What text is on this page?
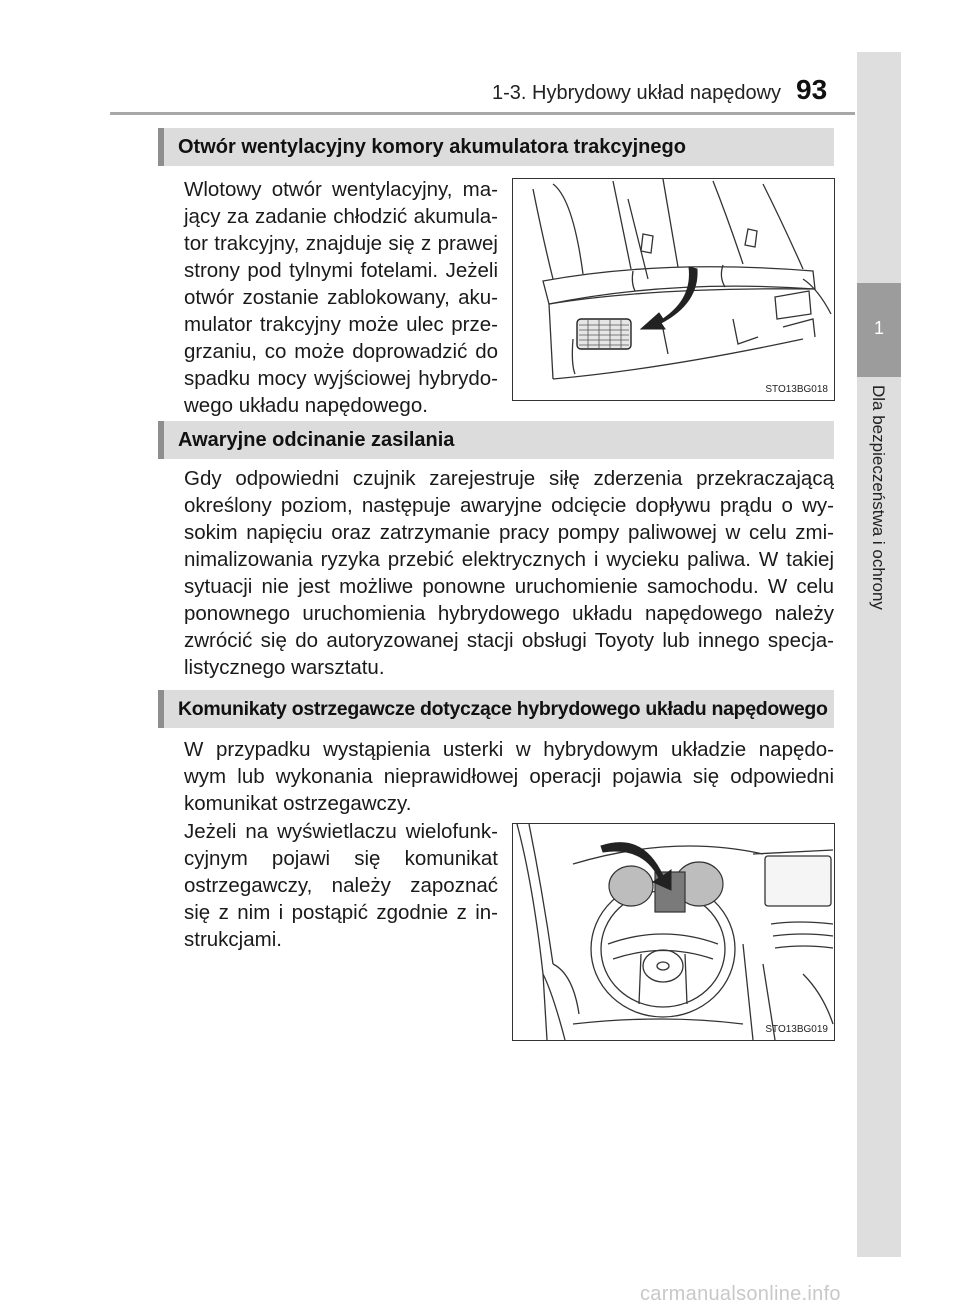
1-3. Hybrydowy układ napędowy 93
1
Dla bezpieczeństwa i ochrony
Otwór wentylacyjny komory akumulatora trakcyjnego
Wlotowy otwór wentylacyjny, ma-
jący za zadanie chłodzić akumula-
tor trakcyjny, znajduje się z prawej
strony pod tylnymi fotelami. Jeżeli
otwór zostanie zablokowany, aku-
mulator trakcyjny może ulec prze-
grzaniu, co może doprowadzić do
spadku mocy wyjściowej hybrydo-
wego układu napędowego.
STO13BG018
Awaryjne odcinanie zasilania
Gdy odpowiedni czujnik zarejestruje siłę zderzenia przekraczającą
określony poziom, następuje awaryjne odcięcie dopływu prądu o wy-
sokim napięciu oraz zatrzymanie pracy pompy paliwowej w celu zmi-
nimalizowania ryzyka przebić elektrycznych i wycieku paliwa. W takiej
sytuacji nie jest możliwe ponowne uruchomienie samochodu. W celu
ponownego uruchomienia hybrydowego układu napędowego należy
zwrócić się do autoryzowanej stacji obsługi Toyoty lub innego specja-
listycznego warsztatu.
Komunikaty ostrzegawcze dotyczące hybrydowego układu napędowego
W przypadku wystąpienia usterki w hybrydowym układzie napędo-
wym lub wykonania nieprawidłowej operacji pojawia się odpowiedni
komunikat ostrzegawczy.
Jeżeli na wyświetlaczu wielofunk-
cyjnym pojawi się komunikat
ostrzegawczy, należy zapoznać
się z nim i postąpić zgodnie z in-
strukcjami.
STO13BG019
carmanualsonline.info
